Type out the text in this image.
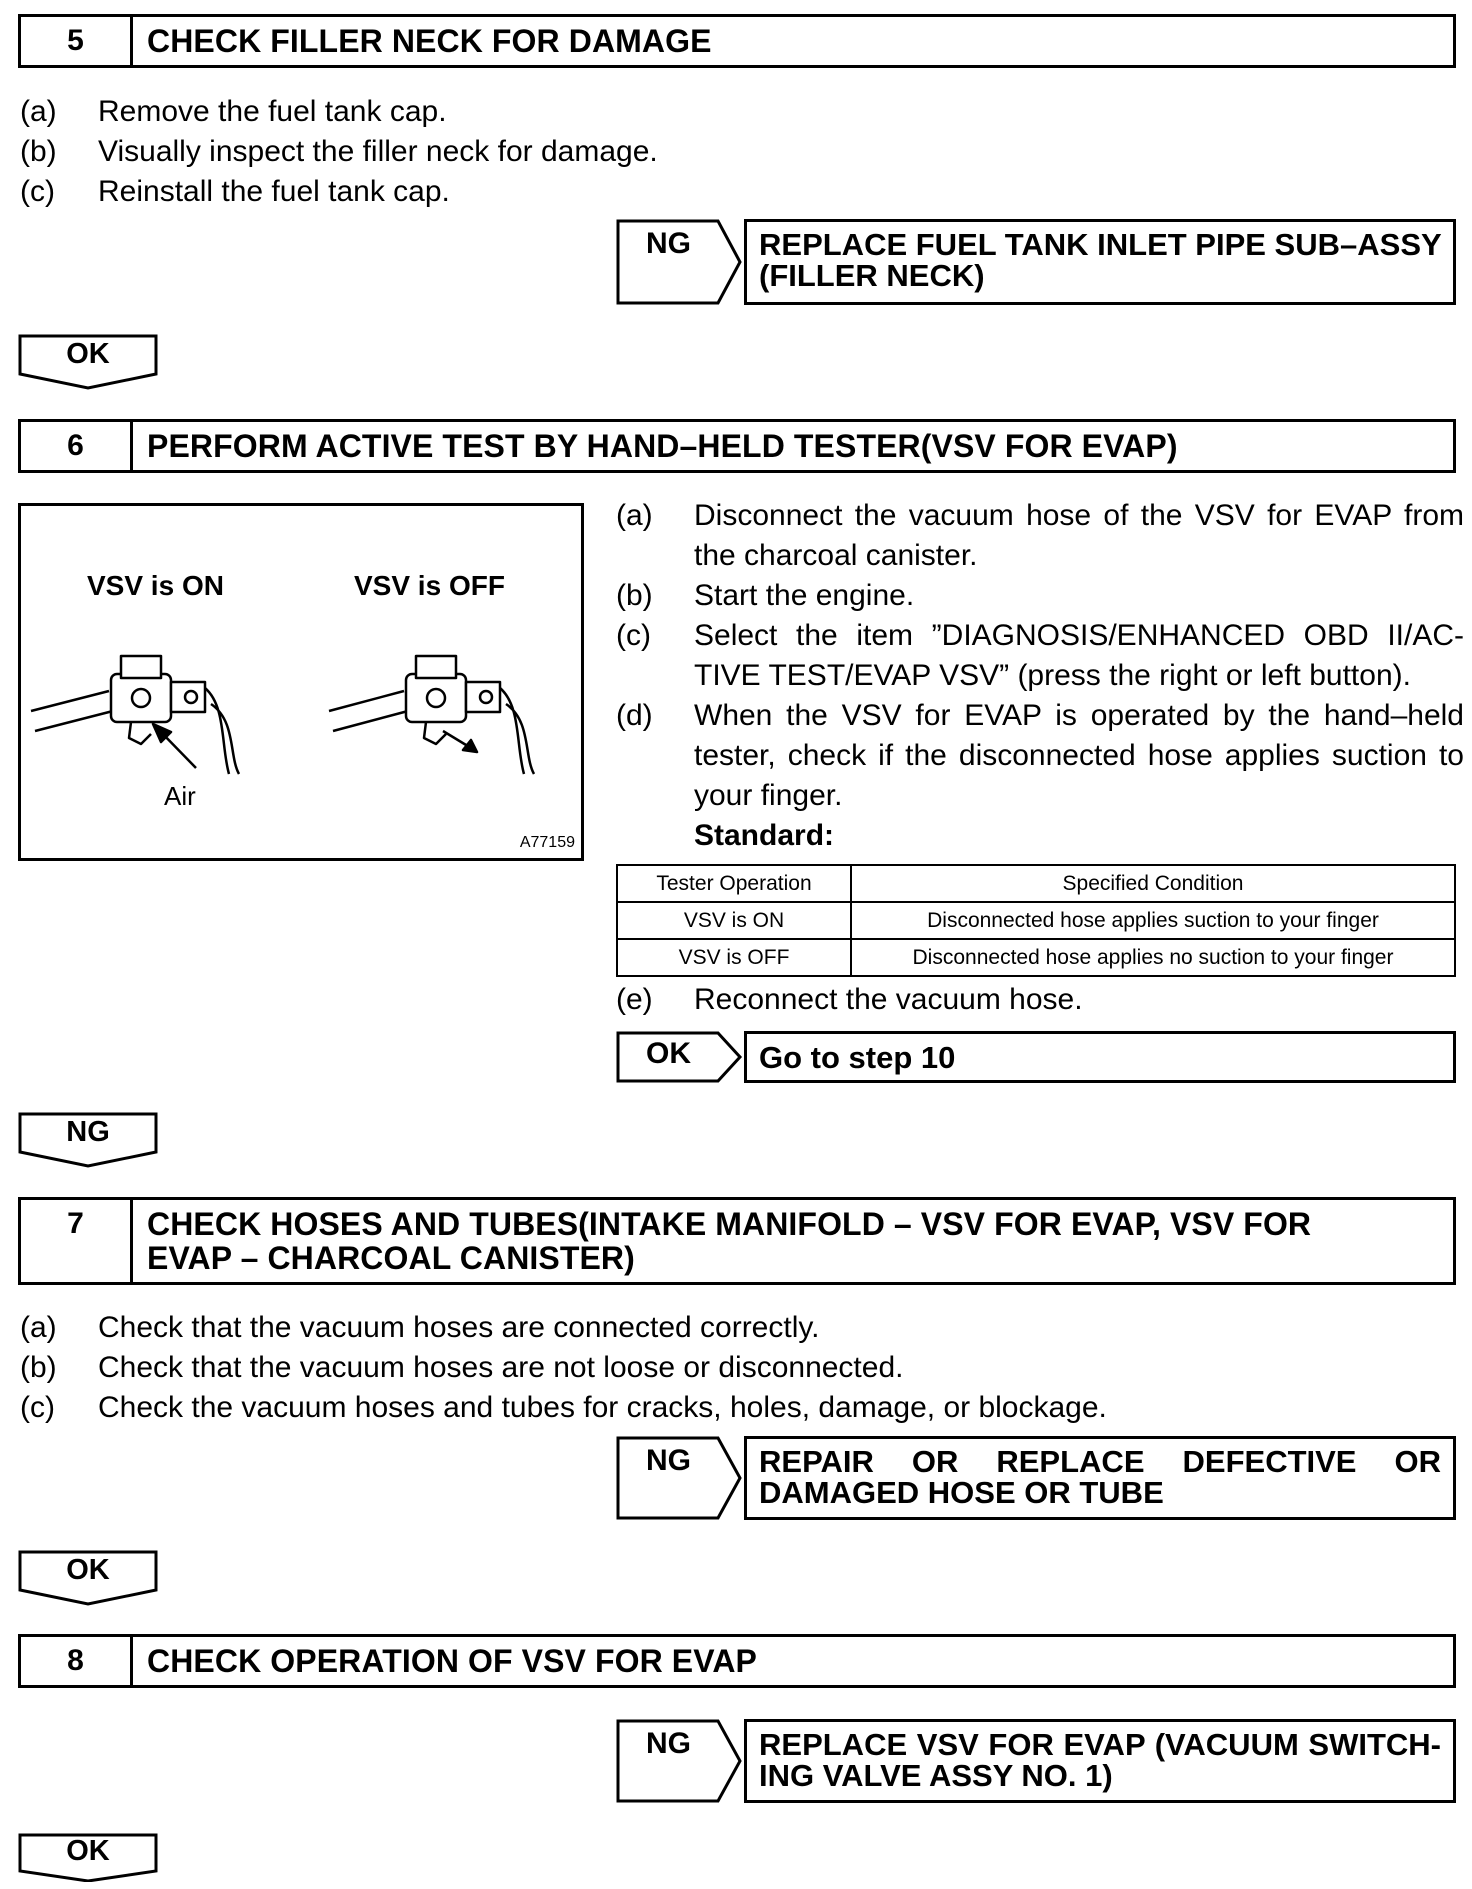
5	CHECK FILLER NECK FOR DAMAGE
(a)	Remove the fuel tank cap.
(b)	Visually inspect the filler neck for damage.
(c)	Reinstall the fuel tank cap.
NG	REPLACE FUEL TANK INLET PIPE SUB–ASSY
(FILLER NECK)
OK
6	PERFORM ACTIVE TEST BY HAND–HELD TESTER(VSV FOR EVAP)
VSV is ON	VSV is OFF
Air
A77159
(a) Disconnect the vacuum hose of the VSV for EVAP from
the charcoal canister.
(b) Start the engine.
(c) Select the item ”DIAGNOSIS/ENHANCED OBD II/AC-
TIVE TEST/EVAP VSV” (press the right or left button).
(d) When the VSV for EVAP is operated by the hand–held
tester, check if the disconnected hose applies suction to
your finger.
Standard:
Tester Operation	Specified Condition
VSV is ON	Disconnected hose applies suction to your finger
VSV is OFF	Disconnected hose applies no suction to your finger
(e) Reconnect the vacuum hose.
OK	Go to step 10
NG
7	CHECK HOSES AND TUBES(INTAKE MANIFOLD – VSV FOR EVAP, VSV FOR
EVAP – CHARCOAL CANISTER)
(a)	Check that the vacuum hoses are connected correctly.
(b)	Check that the vacuum hoses are not loose or disconnected.
(c)	Check the vacuum hoses and tubes for cracks, holes, damage, or blockage.
NG	REPAIR OR REPLACE DEFECTIVE OR
DAMAGED HOSE OR TUBE
OK
8	CHECK OPERATION OF VSV FOR EVAP
NG	REPLACE VSV FOR EVAP (VACUUM SWITCH-
ING VALVE ASSY NO. 1)
OK
